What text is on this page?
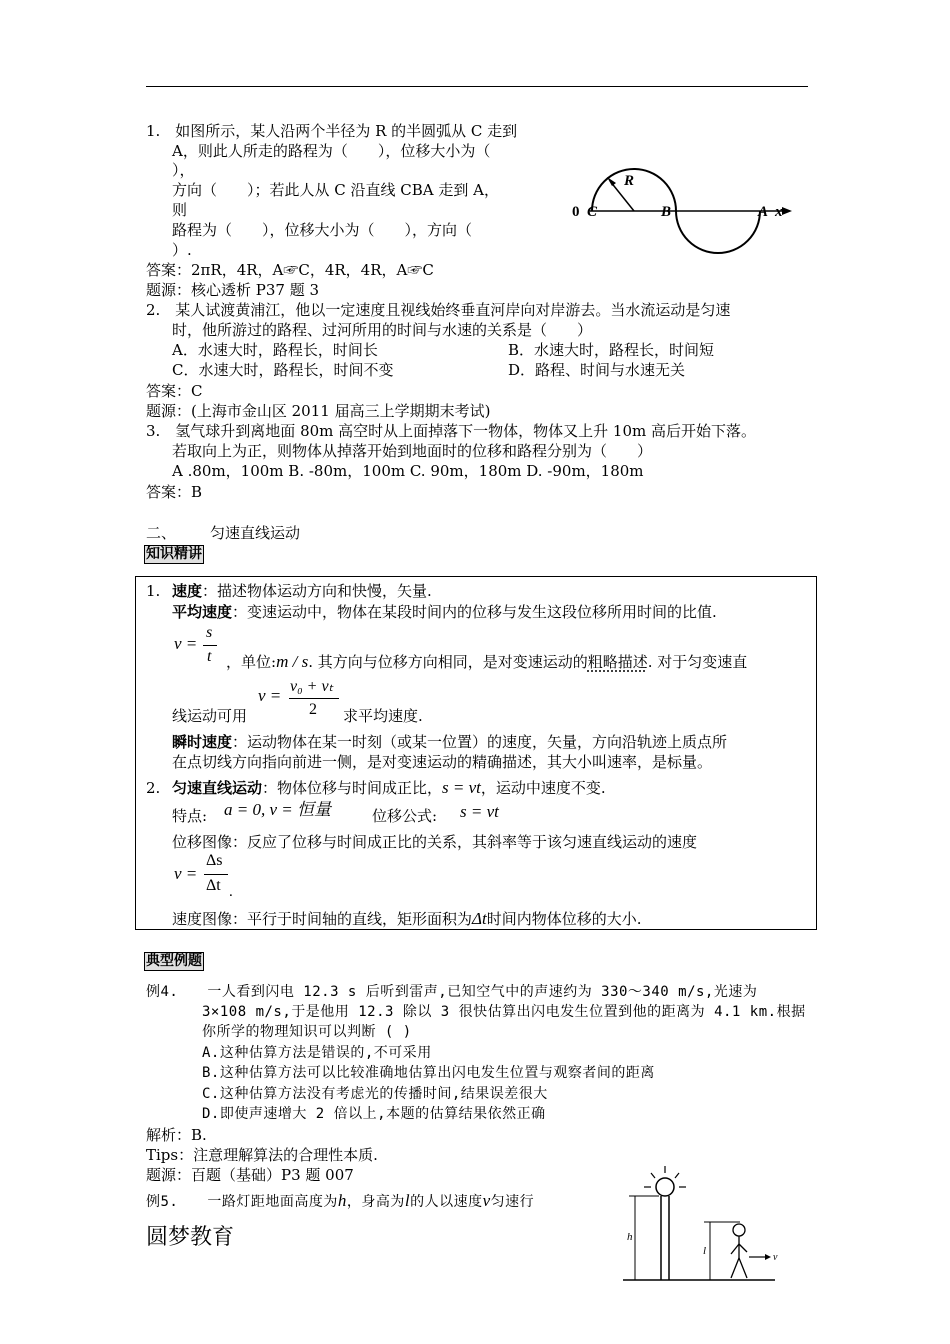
1.　如图所示，某人沿两个半径为 R 的半圆弧从 C 走到
A，则此人所走的路程为（　　），位移大小为（
），
方向（　　）；若此人从 C 沿直线 CBA 走到 A，
则
路程为（　　），位移大小为（　　），方向（
）.
答案：2πR，4R，A☞C，4R，4R，A☞C
题源：核心透析 P37 题 3
R
0 C	B	A x
2.　某人试渡黄浦江，他以一定速度且视线始终垂直河岸向对岸游去。当水流运动是匀速
时，他所游过的路程、过河所用的时间与水速的关系是（　　）
A．水速大时，路程长，时间长	B．水速大时，路程长，时间短
C．水速大时，路程长，时间不变	D．路程、时间与水速无关
答案：C
题源：(上海市金山区 2011 届高三上学期期末考试)
3.　氢气球升到离地面 80m 高空时从上面掉落下一物体，物体又上升 10m 高后开始下落。
若取向上为正，则物体从掉落开始到地面时的位移和路程分别为（　　）
A .80m，100m B. -80m，100m C. 90m，180m D. -90m，180m
答案：B
二、 匀速直线运动
知识精讲
1. 速度：描述物体运动方向和快慢，矢量.
平均速度：变速运动中，物体在某段时间内的位移与发生这段位移所用时间的比值.
v =
s
t ，单位:m / s. 其方向与位移方向相同，是对变速运动的粗略描述. 对于匀变速直
v = v₀ + vₜ
2
线运动可用	求平均速度.
瞬时速度：运动物体在某一时刻（或某一位置）的速度，矢量，方向沿轨迹上质点所
在点切线方向指向前进一侧，是对变速运动的精确描述，其大小叫速率，是标量。
2. 匀速直线运动：物体位移与时间成正比，s = vt，运动中速度不变.
特点: a = 0, v = 恒量	位移公式: s = vt
位移图像：反应了位移与时间成正比的关系，其斜率等于该匀速直线运动的速度
v =
Δs
Δt .
速度图像：平行于时间轴的直线，矩形面积为Δt时间内物体位移的大小.
典型例题
例4.　　一人看到闪电 12.3 s 后听到雷声,已知空气中的声速约为 330～340 m/s,光速为
3×108 m/s,于是他用 12.3 除以 3 很快估算出闪电发生位置到他的距离为 4.1 km.根据
你所学的物理知识可以判断 ( )
A.这种估算方法是错误的,不可采用
B.这种估算方法可以比较准确地估算出闪电发生位置与观察者间的距离
C.这种估算方法没有考虑光的传播时间,结果误差很大
D.即使声速增大 2 倍以上,本题的估算结果依然正确
解析：B.
Tips：注意理解算法的合理性本质.
题源：百题（基础）P3 题 007
例5.　　一路灯距地面高度为h，身高为l的人以速度v匀速行
h
l
v
圆梦教育
